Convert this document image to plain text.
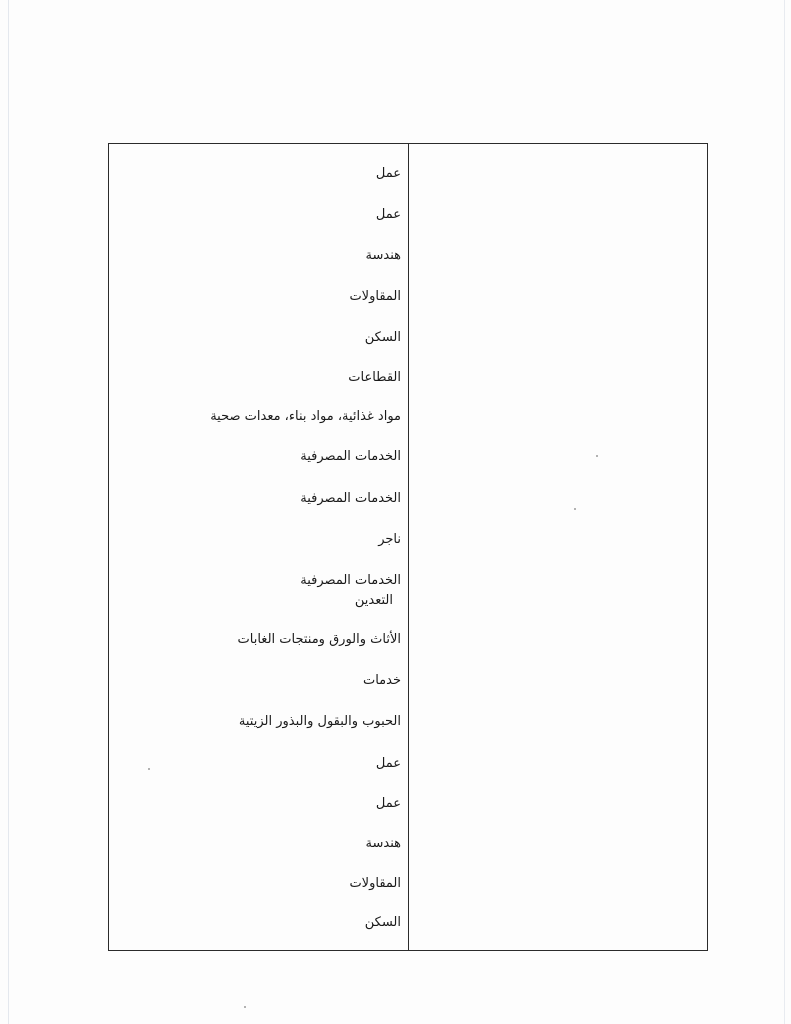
عمل
عمل
هندسة
المقاولات
السكن
القطاعات
مواد غذائية، مواد بناء، معدات صحية
الخدمات المصرفية
الخدمات المصرفية
ناجر
الخدمات المصرفية
التعدين
الأثاث والورق ومنتجات الغابات
خدمات
الحبوب والبقول والبذور الزيتية
عمل
عمل
هندسة
المقاولات
السكن
